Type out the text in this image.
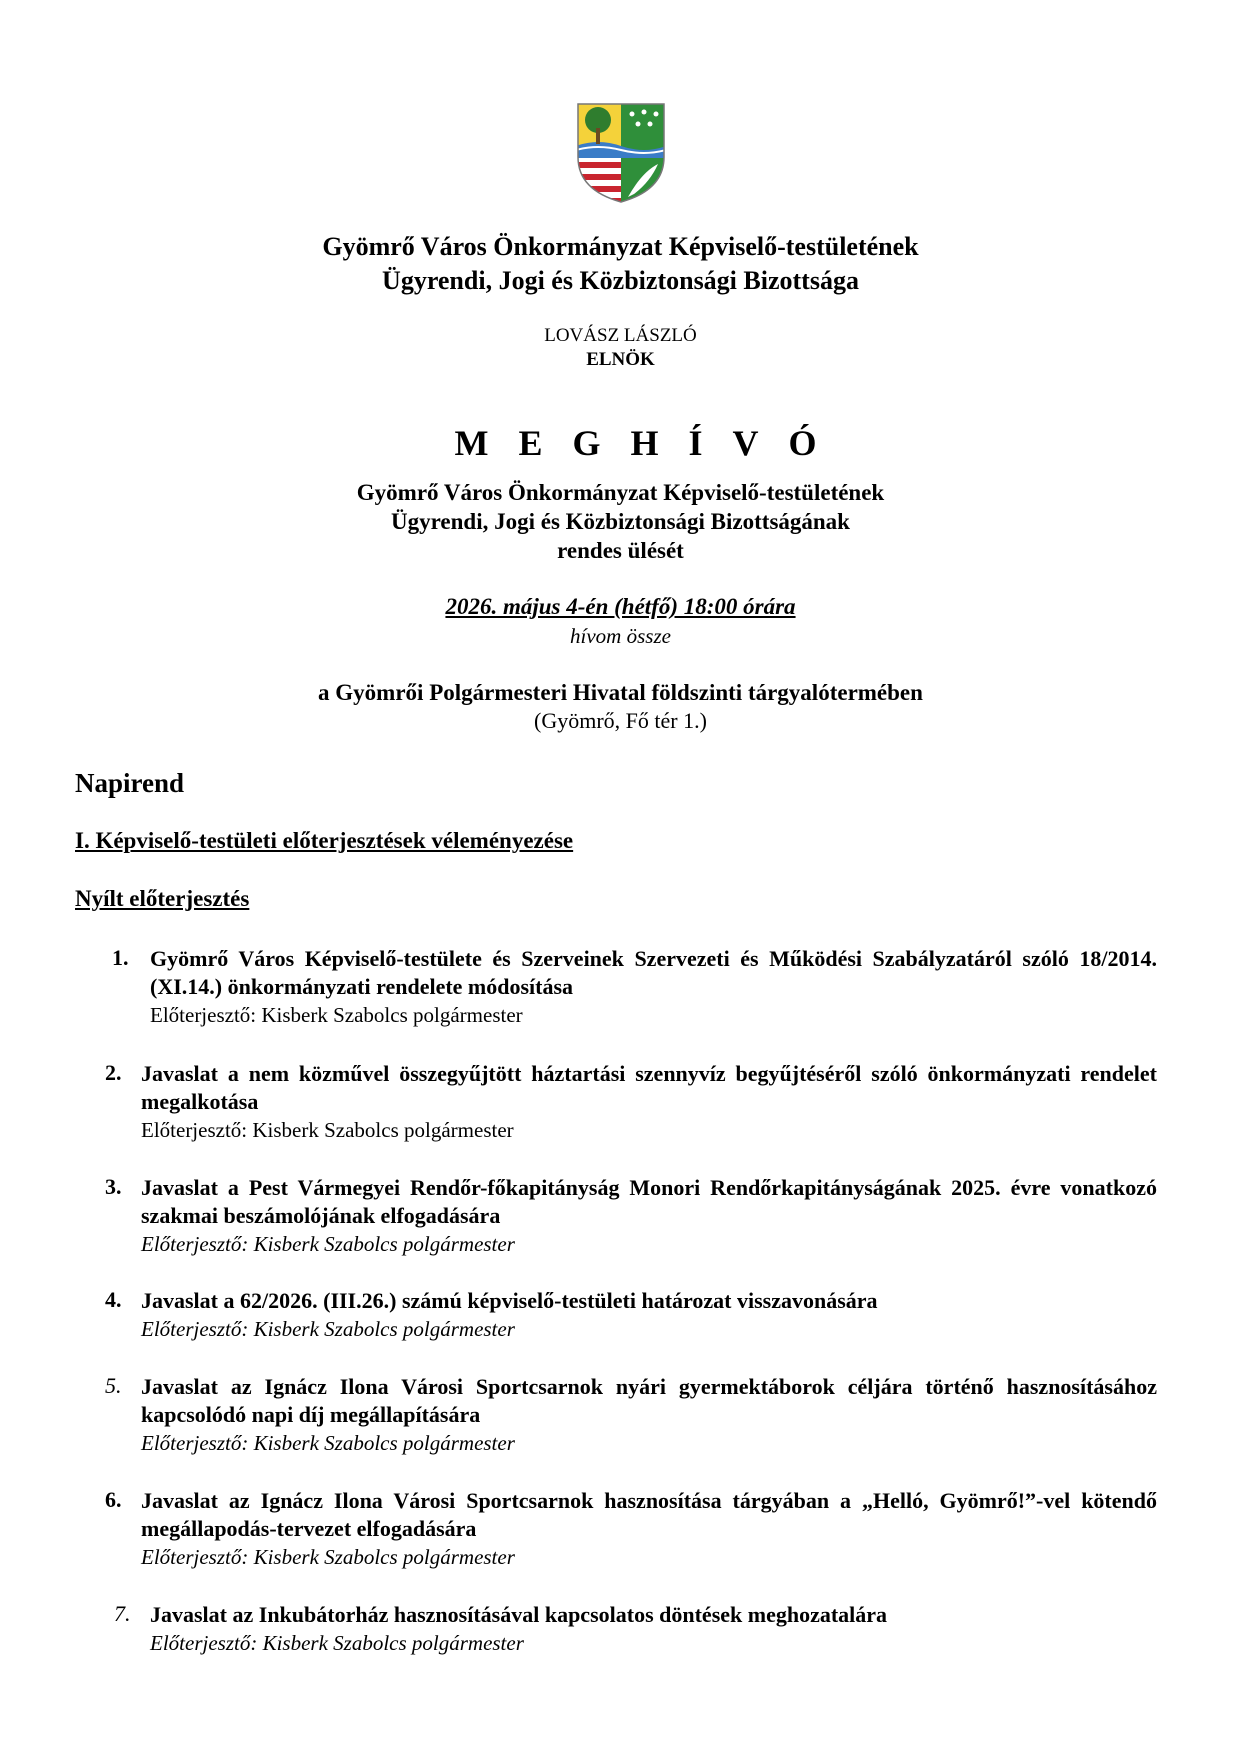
Gyömrő Város Önkormányzat Képviselő-testületének
Ügyrendi, Jogi és Közbiztonsági Bizottsága
LOVÁSZ LÁSZLÓ
ELNÖK
MEGHÍVÓ
Gyömrő Város Önkormányzat Képviselő-testületének
Ügyrendi, Jogi és Közbiztonsági Bizottságának
rendes ülését
2026. május 4-én (hétfő) 18:00 órára
hívom össze
a Gyömrői Polgármesteri Hivatal földszinti tárgyalótermében
(Gyömrő, Fő tér 1.)
Napirend
I. Képviselő-testületi előterjesztések véleményezése
Nyílt előterjesztés
1. Gyömrő Város Képviselő-testülete és Szerveinek Szervezeti és Működési Szabályzatáról szóló 18/2014. (XI.14.) önkormányzati rendelete módosítása
Előterjesztő: Kisberk Szabolcs polgármester
2. Javaslat a nem közművel összegyűjtött háztartási szennyvíz begyűjtéséről szóló önkormányzati rendelet megalkotása
Előterjesztő: Kisberk Szabolcs polgármester
3. Javaslat a Pest Vármegyei Rendőr-főkapitányság Monori Rendőrkapitányságának 2025. évre vonatkozó szakmai beszámolójának elfogadására
Előterjesztő: Kisberk Szabolcs polgármester
4. Javaslat a 62/2026. (III.26.) számú képviselő-testületi határozat visszavonására
Előterjesztő: Kisberk Szabolcs polgármester
5. Javaslat az Ignácz Ilona Városi Sportcsarnok nyári gyermektáborok céljára történő hasznosításához kapcsolódó napi díj megállapítására
Előterjesztő: Kisberk Szabolcs polgármester
6. Javaslat az Ignácz Ilona Városi Sportcsarnok hasznosítása tárgyában a „Helló, Gyömrő!”-vel kötendő megállapodás-tervezet elfogadására
Előterjesztő: Kisberk Szabolcs polgármester
7. Javaslat az Inkubátorház hasznosításával kapcsolatos döntések meghozatalára
Előterjesztő: Kisberk Szabolcs polgármester
